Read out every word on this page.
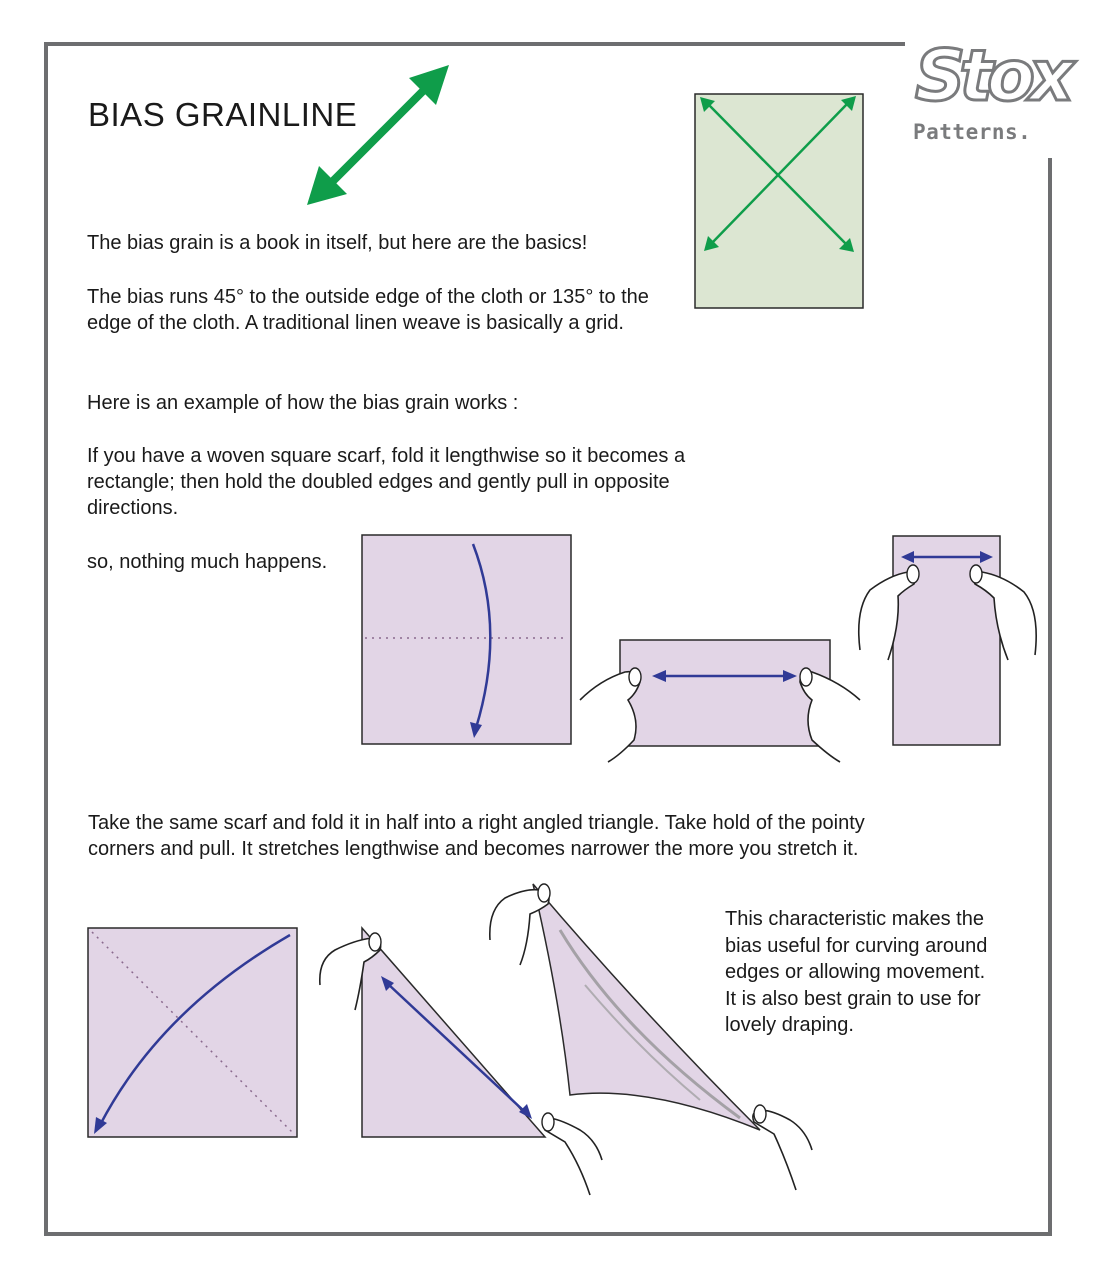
Stox
Patterns.
BIAS GRAINLINE

The bias grain is a book in itself, but here are the basics!

The bias runs 45° to the outside edge of the cloth or 135° to the

edge of the cloth. A traditional linen weave is basically a grid.

Here is an example of how the bias grain works :

If you have a woven square scarf, fold it lengthwise so it becomes a

rectangle; then hold the doubled edges and gently pull in opposite

directions.

so, nothing much happens.

Take the same scarf and fold it in half into a right angled triangle. Take hold of the pointy

corners and pull. It stretches lengthwise and becomes narrower the more you stretch it.

This characteristic makes the
bias useful for curving around
edges or allowing movement.
It is also best grain to use for
lovely draping.
